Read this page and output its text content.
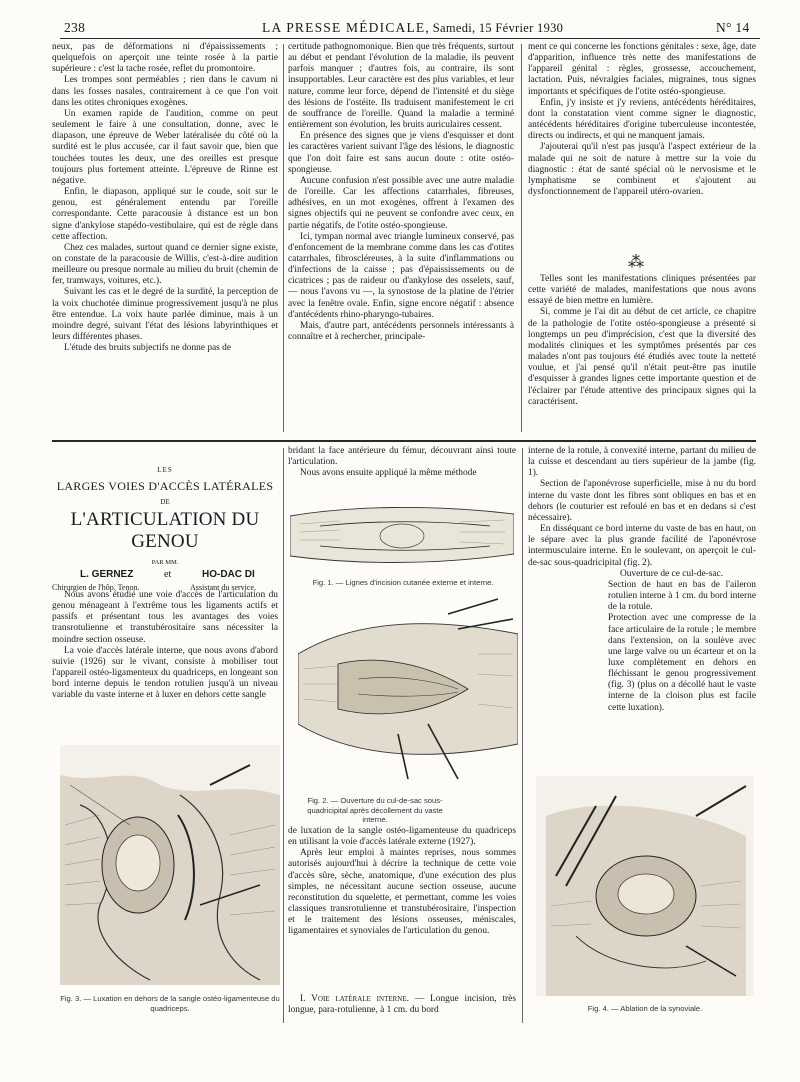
238	LA PRESSE MÉDICALE, Samedi, 15 Février 1930	N° 14

neux, pas de déformations ni d'épaississements ; quelquefois on aperçoit une teinte rosée à la partie supérieure : c'est la tache rosée, reflet du promontoire.

Les trompes sont perméables ; rien dans le cavum ni dans les fosses nasales, contrairement à ce que l'on voit dans les otites chroniques exogènes.

Un examen rapide de l'audition, comme on peut seulement le faire à une consultation, donne, avec le diapason, une épreuve de Weber latéralisée du côté où la surdité est le plus accusée, car il faut savoir que, bien que touchées toutes les deux, une des oreilles est presque toujours plus fortement atteinte. L'épreuve de Rinne est négative.

Enfin, le diapason, appliqué sur le coude, soit sur le genou, est généralement entendu par l'oreille correspondante. Cette paracousie à distance est un bon signe d'ankylose stapédo-vestibulaire, qui est de règle dans cette affection.

Chez ces malades, surtout quand ce dernier signe existe, on constate de la paracousie de Willis, c'est-à-dire audition meilleure ou presque normale au milieu du bruit (chemin de fer, tramways, voitures, etc.).

Suivant les cas et le degré de la surdité, la perception de la voix chuchotée diminue progressivement jusqu'à ne plus être entendue. La voix haute parlée diminue, mais à un moindre degré, suivant l'état des lésions labyrinthiques et leurs différentes phases.

L'étude des bruits subjectifs ne donne pas de

certitude pathognomonique. Bien que très fréquents, surtout au début et pendant l'évolution de la maladie, ils peuvent parfois manquer ; d'autres fois, au contraire, ils sont insupportables. Leur caractère est des plus variables, et leur nature, comme leur force, dépend de l'intensité et du siège des lésions de l'ostéite. Ils traduisent manifestement le cri de souffrance de l'oreille. Quand la maladie a terminé entièrement son évolution, les bruits auriculaires cessent.

En présence des signes que je viens d'esquisser et dont les caractères varient suivant l'âge des lésions, le diagnostic que l'on doit faire est sans aucun doute : otite ostéo-spongieuse.

Aucune confusion n'est possible avec une autre maladie de l'oreille. Car les affections catarrhales, fibreuses, adhésives, en un mot exogènes, offrent à l'examen des signes objectifs qui ne peuvent se confondre avec ceux, en partie négatifs, de l'otite ostéo-spongieuse.

Ici, tympan normal avec triangle lumineux conservé, pas d'enfoncement de la membrane comme dans les cas d'otites catarrhales, fibroscléreuses, à la suite d'inflammations ou d'infections de la caisse ; pas d'épaississements ou de cicatrices ; pas de raideur ou d'ankylose des osselets, sauf, — nous l'avons vu —, la synostose de la platine de l'étrier avec la fenêtre ovale. Enfin, signe encore négatif : absence d'antécédents rhino-pharyngo-tubaires.

Mais, d'autre part, antécédents personnels intéressants à connaître et à rechercher, principale-

ment ce qui concerne les fonctions génitales : sexe, âge, date d'apparition, influence très nette des manifestations de l'appareil génital : règles, grossesse, accouchement, lactation. Puis, névralgies faciales, migraines, tous signes importants et spécifiques de l'otite ostéo-spongieuse.

Enfin, j'y insiste et j'y reviens, antécédents héréditaires, dont la constatation vient comme signer le diagnostic, antécédents héréditaires d'origine tuberculeuse incontestée, directs ou indirects, et qui ne manquent jamais.

J'ajouterai qu'il n'est pas jusqu'à l'aspect extérieur de la malade qui ne soit de nature à mettre sur la voie du diagnostic : état de santé spécial où le nervosisme et le lymphatisme se combinent et s'ajoutent au dysfonctionnement de l'appareil utéro-ovarien.

⁂

Telles sont les manifestations cliniques présentées par cette variété de malades, manifestations que nous avons essayé de bien mettre en lumière.

Si, comme je l'ai dit au début de cet article, ce chapitre de la pathologie de l'otite ostéo-spongieuse a présenté si longtemps un peu d'imprécision, c'est que la diversité des modalités cliniques et les symptômes présentés par ces malades n'ont pas toujours été étudiés avec toute la netteté voulue, et j'ai pensé qu'il n'était peut-être pas inutile d'esquisser à grandes lignes cette importante question et de l'éclairer par l'étude attentive des principaux signes qui la caractérisent.

LES
LARGES VOIES D'ACCÈS LATÉRALES
DE
L'ARTICULATION DU GENOU
PAR MM.
L. GERNEZ	et	HO-DAC DI
Chirurgien de l'hôp. Tenon.	Assistant du service.

Nous avons étudié une voie d'accès de l'articulation du genou ménageant à l'extrême tous les ligaments actifs et passifs et présentant tous les avantages des voies transrotulienne et transtubérositaire sans nécessiter la moindre section osseuse.

La voie d'accès latérale interne, que nous avons d'abord suivie (1926) sur le vivant, consiste à mobiliser tout l'appareil ostéo-ligamenteux du quadriceps, en longeant son bord interne depuis le tendon rotulien jusqu'à un niveau variable du vaste interne et à luxer en dehors cette sangle

Fig. 3. — Luxation en dehors de la sangle ostéo-ligamenteuse du quadriceps.

bridant la face antérieure du fémur, découvrant ainsi toute l'articulation.

Nous avons ensuite appliqué la même méthode

Fig. 1. — Lignes d'incision cutanée externe et interne.
Fig. 2. — Ouverture du cul-de-sac sous-quadricipital après décollement du vaste interne.

de luxation de la sangle ostéo-ligamenteuse du quadriceps en utilisant la voie d'accès latérale externe (1927).

Après leur emploi à maintes reprises, nous sommes autorisés aujourd'hui à décrire la technique de cette voie d'accès sûre, sèche, anatomique, d'une exécution des plus simples, ne nécessitant aucune section osseuse, aucune reconstitution du squelette, et permettant, comme les voies classiques transrotulienne et transtubérositaire, l'inspection et le traitement des lésions osseuses, méniscales, ligamentaires et synoviales de l'articulation du genou.

I. Voie latérale interne. — Longue incision, très longue, para-rotulienne, à 1 cm. du bord

interne de la rotule, à convexité interne, partant du milieu de la cuisse et descendant au tiers supérieur de la jambe (fig. 1).

Section de l'aponévrose superficielle, mise à nu du bord interne du vaste dont les fibres sont obliques en bas et en dehors (le couturier est refoulé en bas et en dedans si c'est nécessaire).

En disséquant ce bord interne du vaste de bas en haut, on le sépare avec la plus grande facilité de l'aponévrose intermusculaire interne. En le soulevant, on aperçoit le cul-de-sac sous-quadricipital (fig. 2).

Ouverture de ce cul-de-sac.

Section de haut en bas de l'aileron rotulien interne à 1 cm. du bord interne de la rotule.

Protection avec une compresse de la face articulaire de la rotule ; le membre dans l'extension, on la soulève avec une large valve ou un écarteur et on la luxe complètement en dehors en fléchissant le genou progressivement (fig. 3) (plus on a décollé haut le vaste interne de la cloison plus est facile cette luxation).

Fig. 4. — Ablation de la synoviale.
